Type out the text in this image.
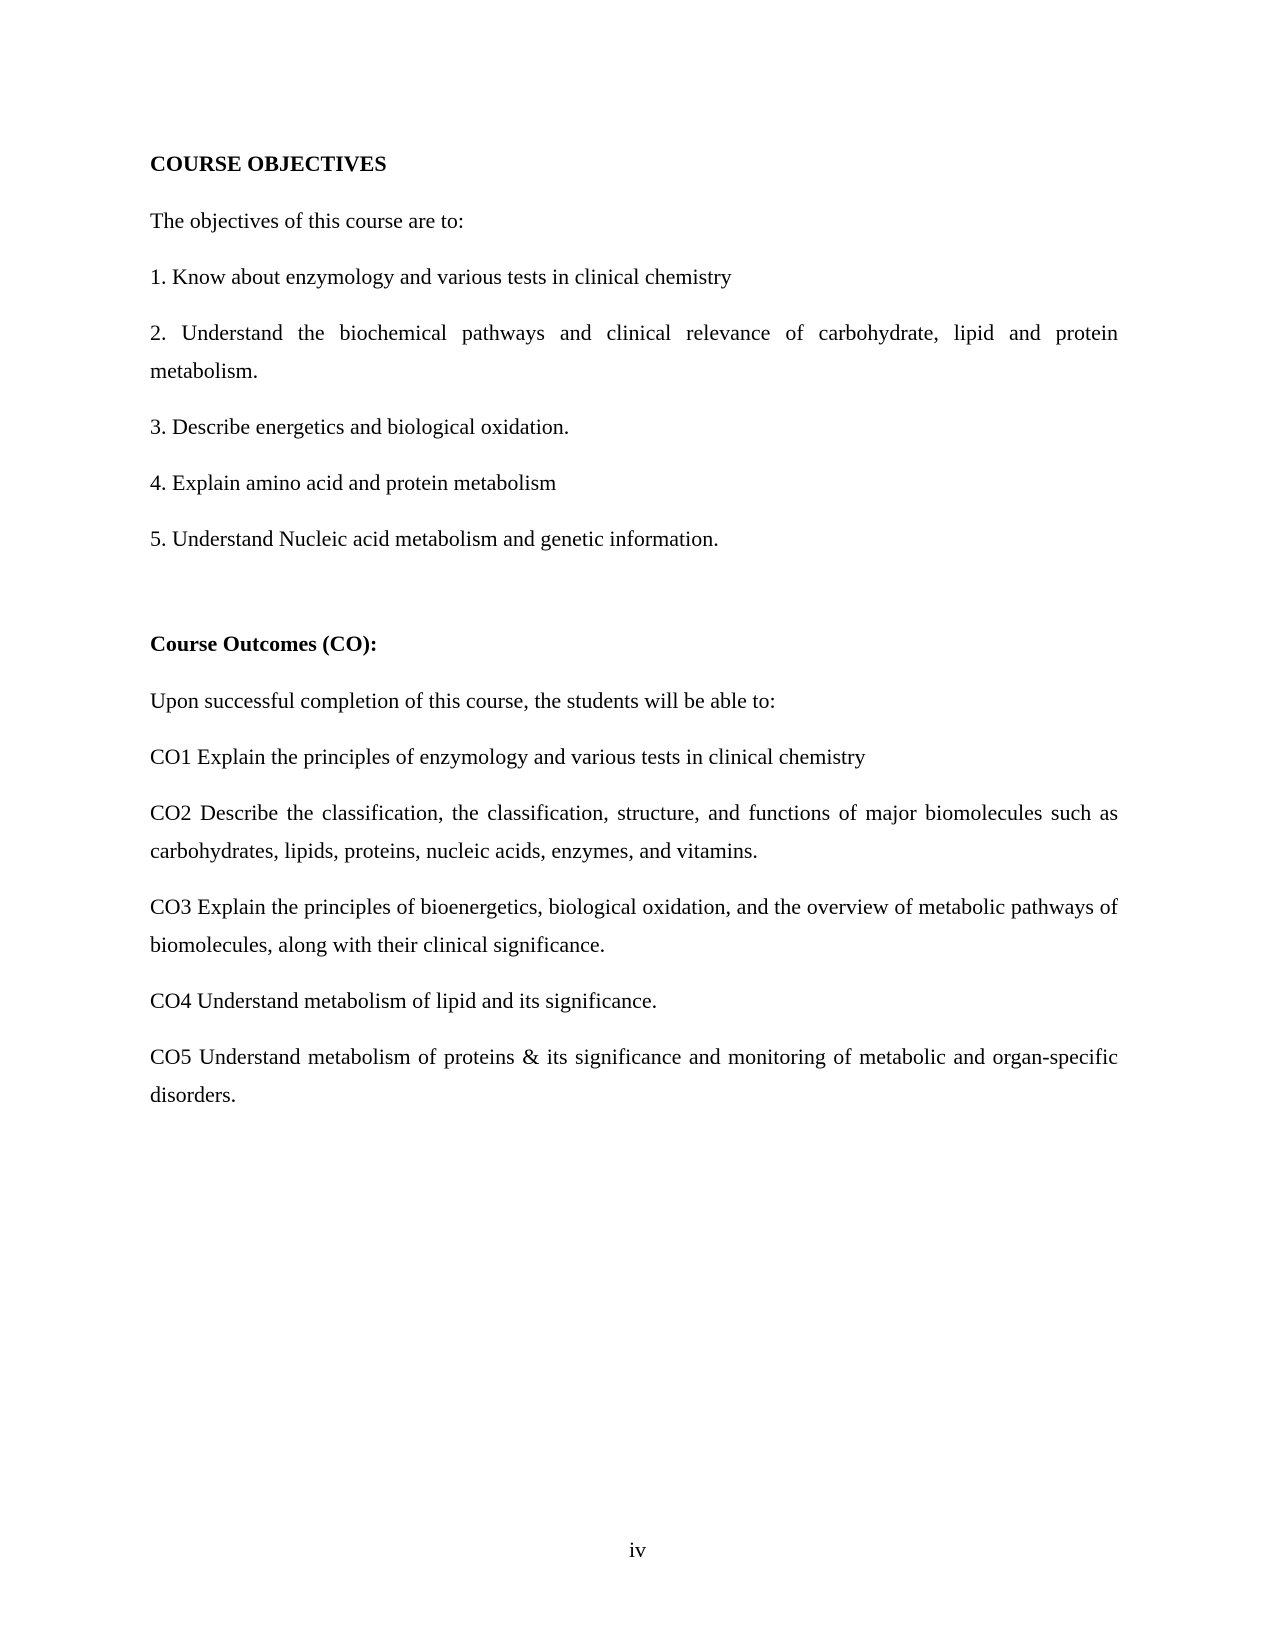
COURSE OBJECTIVES
The objectives of this course are to:
1. Know about enzymology and various tests in clinical chemistry
2. Understand the biochemical pathways and clinical relevance of carbohydrate, lipid and protein metabolism.
3. Describe energetics and biological oxidation.
4. Explain amino acid and protein metabolism
5. Understand Nucleic acid metabolism and genetic information.
Course Outcomes (CO):
Upon successful completion of this course, the students will be able to:
CO1 Explain the principles of enzymology and various tests in clinical chemistry
CO2 Describe the classification, the classification, structure, and functions of major biomolecules such as carbohydrates, lipids, proteins, nucleic acids, enzymes, and vitamins.
CO3 Explain the principles of bioenergetics, biological oxidation, and the overview of metabolic pathways of biomolecules, along with their clinical significance.
CO4 Understand metabolism of lipid and its significance.
CO5 Understand metabolism of proteins & its significance and monitoring of metabolic and organ-specific disorders.
iv
